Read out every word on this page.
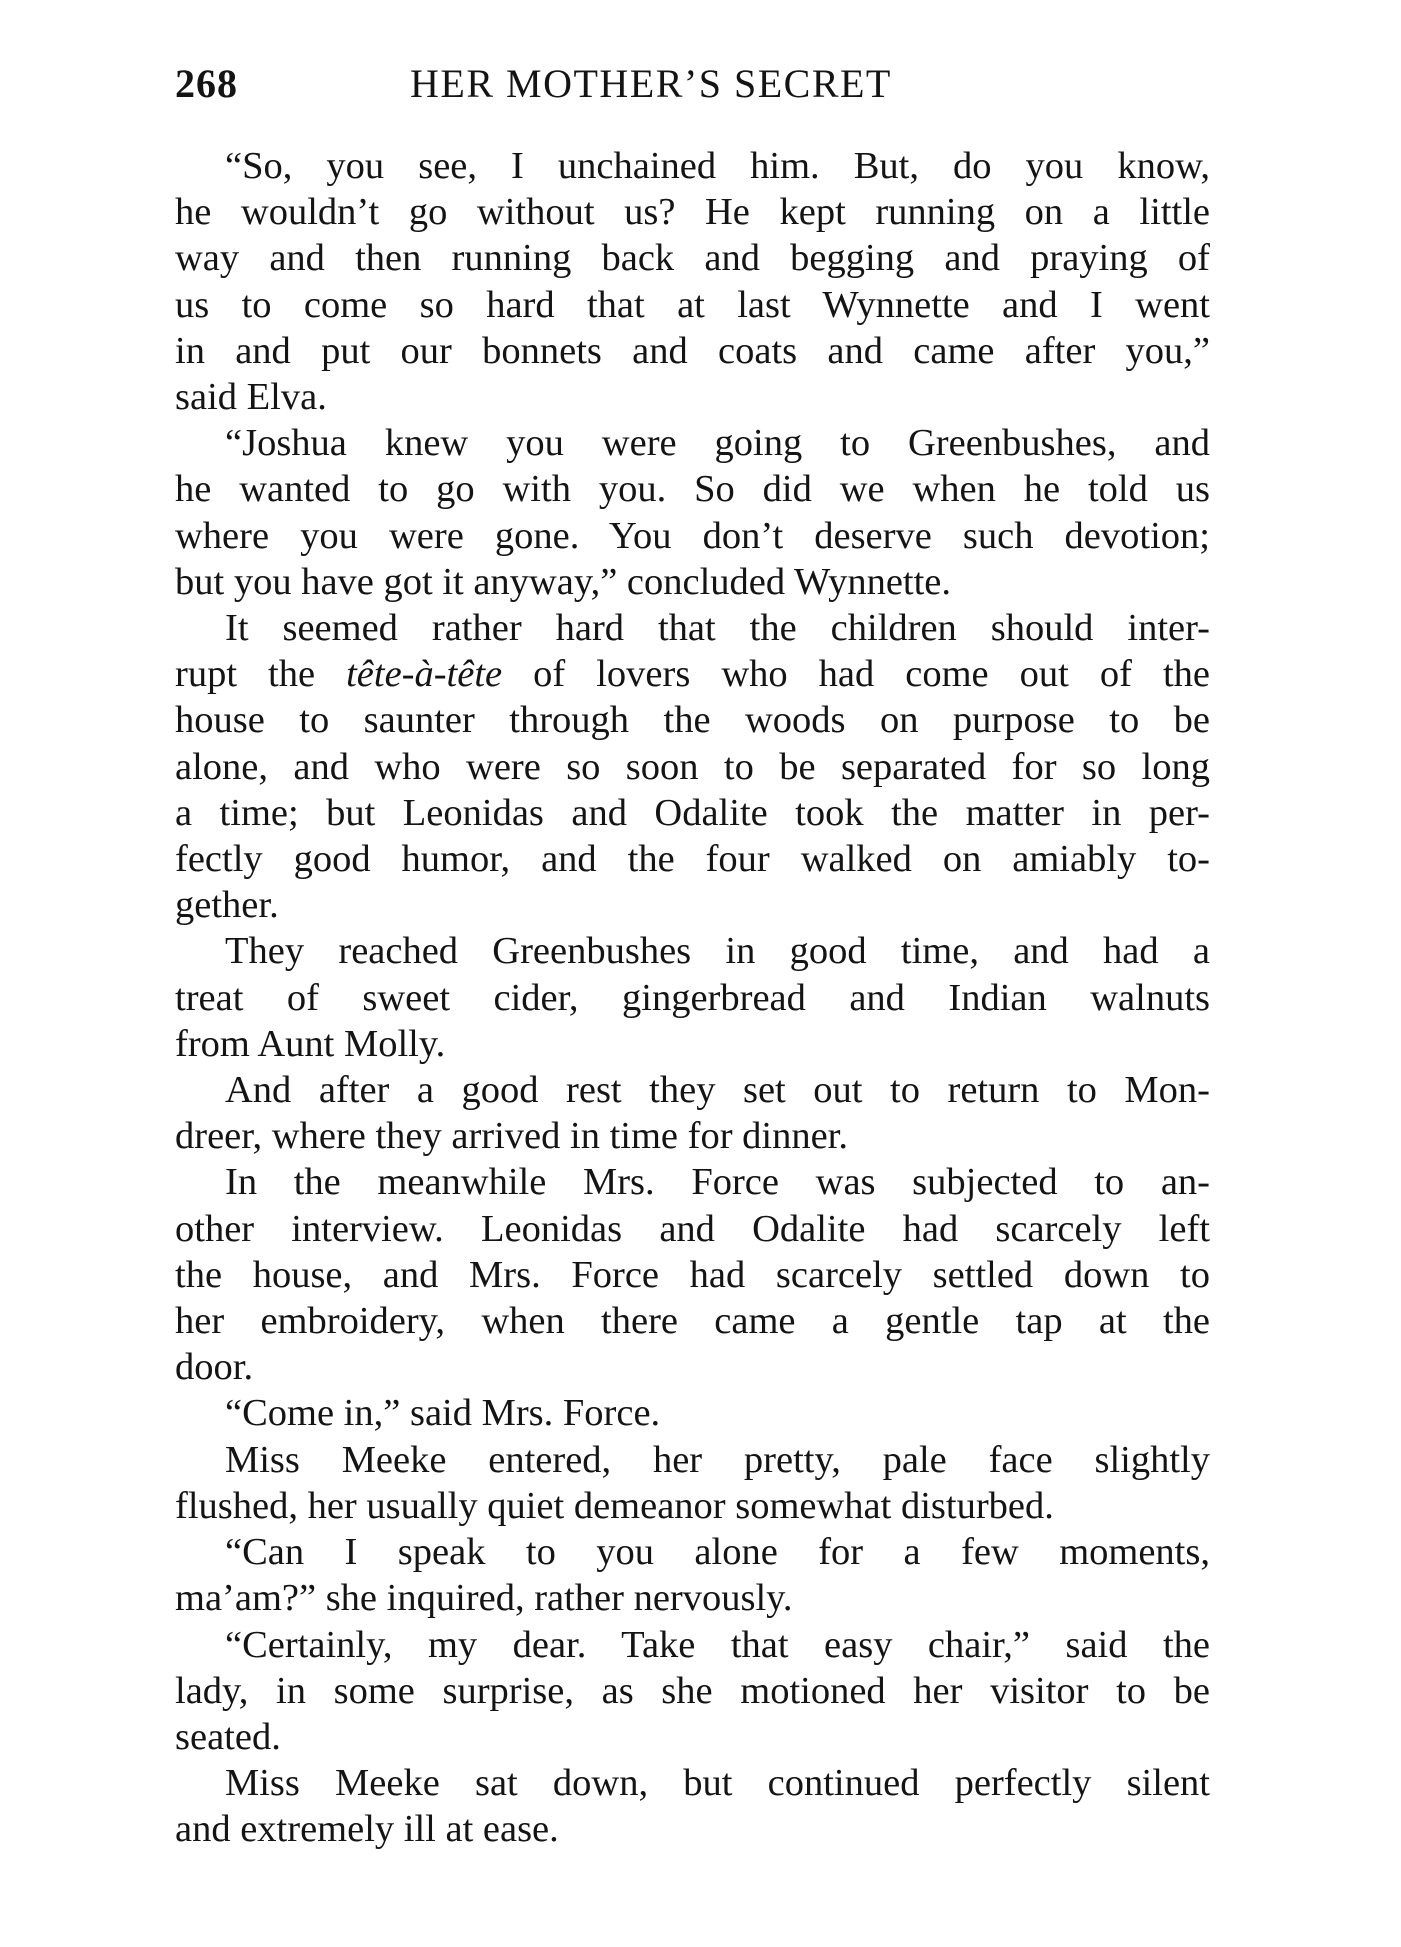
268	HER MOTHER’S SECRET

“So, you see, I unchained him. But, do you know,
he wouldn’t go without us? He kept running on a little
way and then running back and begging and praying of
us to come so hard that at last Wynnette and I went
in and put our bonnets and coats and came after you,”
said Elva.

“Joshua knew you were going to Greenbushes, and
he wanted to go with you. So did we when he told us
where you were gone. You don’t deserve such devotion;
but you have got it anyway,” concluded Wynnette.

It seemed rather hard that the children should inter-
rupt the tête-à-tête of lovers who had come out of the
house to saunter through the woods on purpose to be
alone, and who were so soon to be separated for so long
a time; but Leonidas and Odalite took the matter in per-
fectly good humor, and the four walked on amiably to-
gether.

They reached Greenbushes in good time, and had a
treat of sweet cider, gingerbread and Indian walnuts
from Aunt Molly.

And after a good rest they set out to return to Mon-
dreer, where they arrived in time for dinner.

In the meanwhile Mrs. Force was subjected to an-
other interview. Leonidas and Odalite had scarcely left
the house, and Mrs. Force had scarcely settled down to
her embroidery, when there came a gentle tap at the
door.

“Come in,” said Mrs. Force.

Miss Meeke entered, her pretty, pale face slightly
flushed, her usually quiet demeanor somewhat disturbed.

“Can I speak to you alone for a few moments,
ma’am?” she inquired, rather nervously.

“Certainly, my dear. Take that easy chair,” said the
lady, in some surprise, as she motioned her visitor to be
seated.

Miss Meeke sat down, but continued perfectly silent
and extremely ill at ease.
